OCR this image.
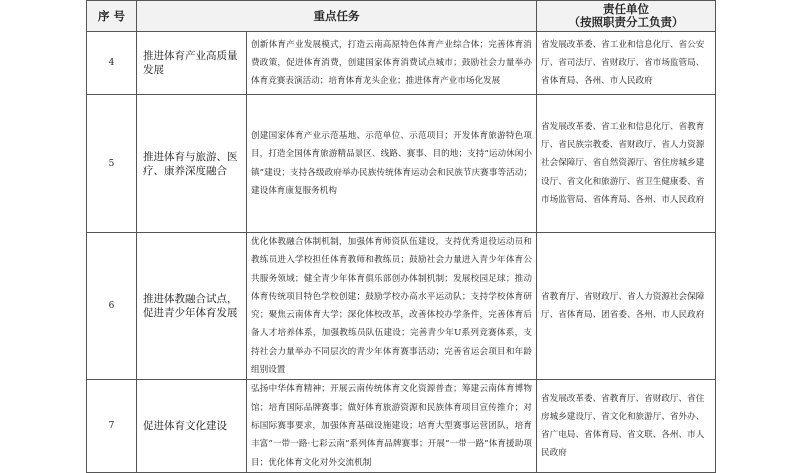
序 号	重点任务		责任单位
（按照职责分工负责）

4	推进体育产业高质量发展	创新体育产业发展模式，打造云南高原特色体育产业综合体；完善体育消费政策，促进体育消费，创建国家体育消费试点城市；鼓励社会力量举办体育竞赛表演活动；培育体育龙头企业；推进体育产业市场化发展	省发展改革委、省工业和信息化厅、省公安厅、省司法厅、省财政厅、省市场监管局、省体育局、各州、市人民政府
5	推进体育与旅游、医疗、康养深度融合	创建国家体育产业示范基地、示范单位、示范项目；开发体育旅游特色项目，打造全国体育旅游精品景区、线路、赛事、目的地；支持“运动休闲小镇”建设；支持各级政府举办民族传统体育运动会和民族节庆赛事等活动；建设体育康复服务机构	省发展改革委、省工业和信息化厅、省教育厅、省民族宗教委、省财政厅、省人力资源社会保障厅、省自然资源厅、省住房城乡建设厅、省文化和旅游厅、省卫生健康委、省市场监管局、省体育局、各州、市人民政府
6	推进体教融合试点，促进青少年体育发展	优化体教融合体制机制，加强体育师资队伍建设，支持优秀退役运动员和教练员进入学校担任体育教师和教练员；鼓励社会力量进入青少年体育公共服务领域；健全青少年体育俱乐部创办体制机制；发展校园足球；推动体育传统项目特色学校创建；鼓励学校办高水平运动队；支持学校体育研究；聚焦云南体育大学；深化体校改革，改善体校办学条件，完善体育后备人才培养体系，加强教练员队伍建设；完善青少年U系列竞赛体系，支持社会力量举办不同层次的青少年体育赛事活动；完善省运会项目和年龄组别设置	省教育厅、省财政厅、省人力资源社会保障厅、省体育局、团省委、各州、市人民政府
7	促进体育文化建设	弘扬中华体育精神；开展云南传统体育文化资源普查；筹建云南体育博物馆；培育国际品牌赛事；做好体育旅游资源和民族体育项目宣传推介；对标国际赛事要求，加强体育基础设施建设；培育大型赛事运营团队，培育丰富“一带一路·七彩云南”系列体育品牌赛事；开展“一带一路”体育援助项目；优化体育文化对外交流机制	省发展改革委、省教育厅、省财政厅、省住房城乡建设厅、省文化和旅游厅、省外办、省广电局、省体育局、省文联、各州、市人民政府
